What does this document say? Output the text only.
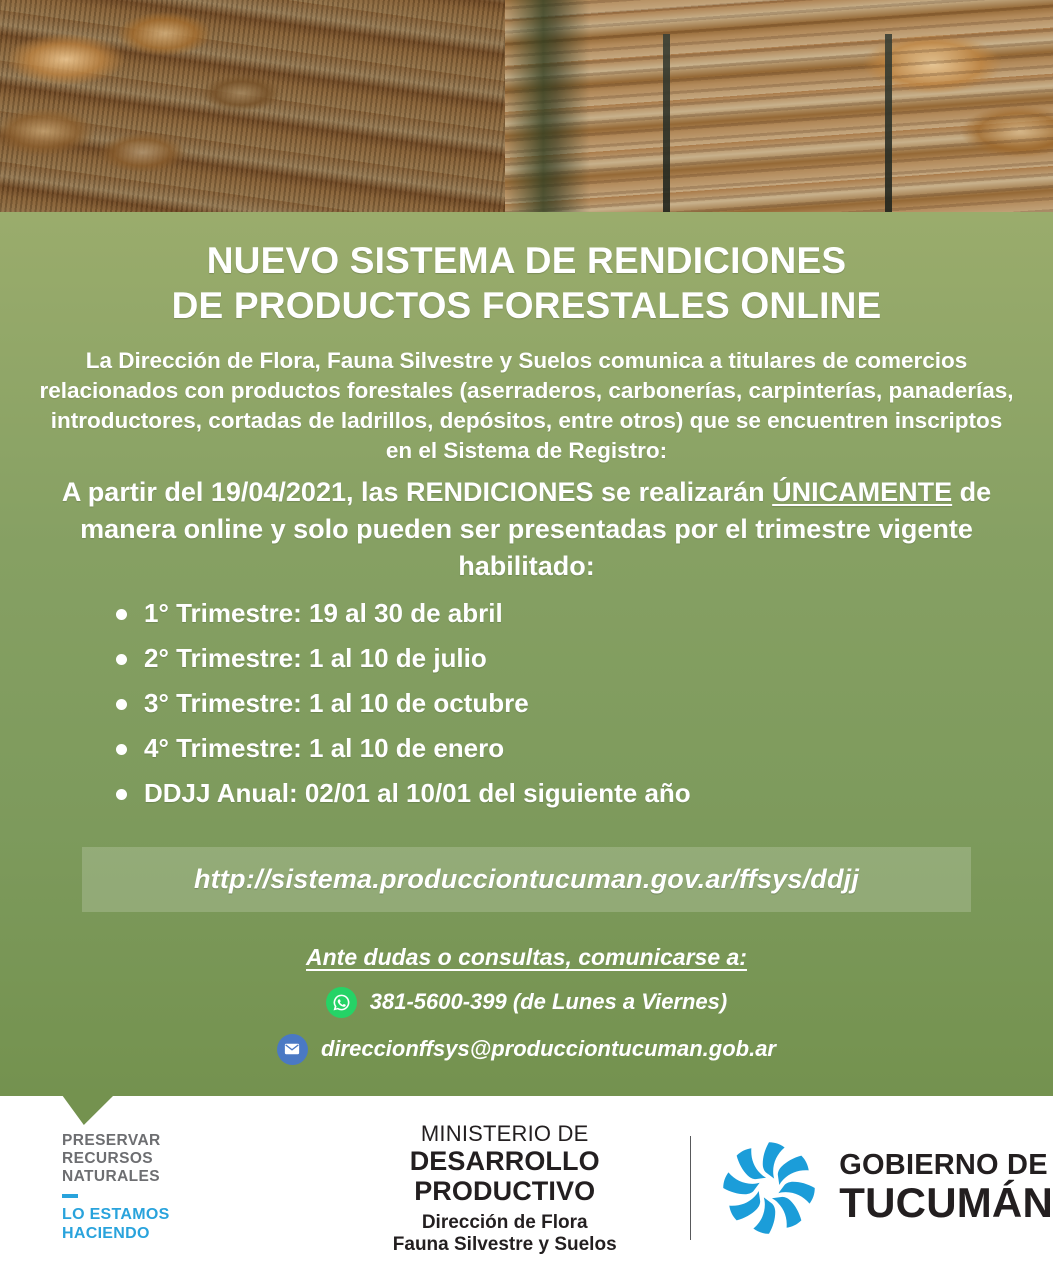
NUEVO SISTEMA DE RENDICIONES
DE PRODUCTOS FORESTALES ONLINE

La Dirección de Flora, Fauna Silvestre y Suelos comunica a titulares de comercios relacionados con productos forestales (aserraderos, carbonerías, carpinterías, panaderías, introductores, cortadas de ladrillos, depósitos, entre otros) que se encuentren inscriptos en el Sistema de Registro:

A partir del 19/04/2021, las RENDICIONES se realizarán ÚNICAMENTE de manera online y solo pueden ser presentadas por el trimestre vigente habilitado:

1° Trimestre: 19 al 30 de abril
2° Trimestre: 1 al 10 de julio
3° Trimestre: 1 al 10 de octubre
4° Trimestre: 1 al 10 de enero
DDJJ Anual: 02/01 al 10/01 del siguiente año
http://sistema.producciontucuman.gov.ar/ffsys/ddjj
Ante dudas o consultas, comunicarse a:
381-5600-399 (de Lunes a Viernes)
direccionffsys@producciontucuman.gob.ar
PRESERVAR
RECURSOS
NATURALES
LO ESTAMOS
HACIENDO
MINISTERIO DE
DESARROLLO PRODUCTIVO
Dirección de Flora
Fauna Silvestre y Suelos
GOBIERNO DE
TUCUMÁN
